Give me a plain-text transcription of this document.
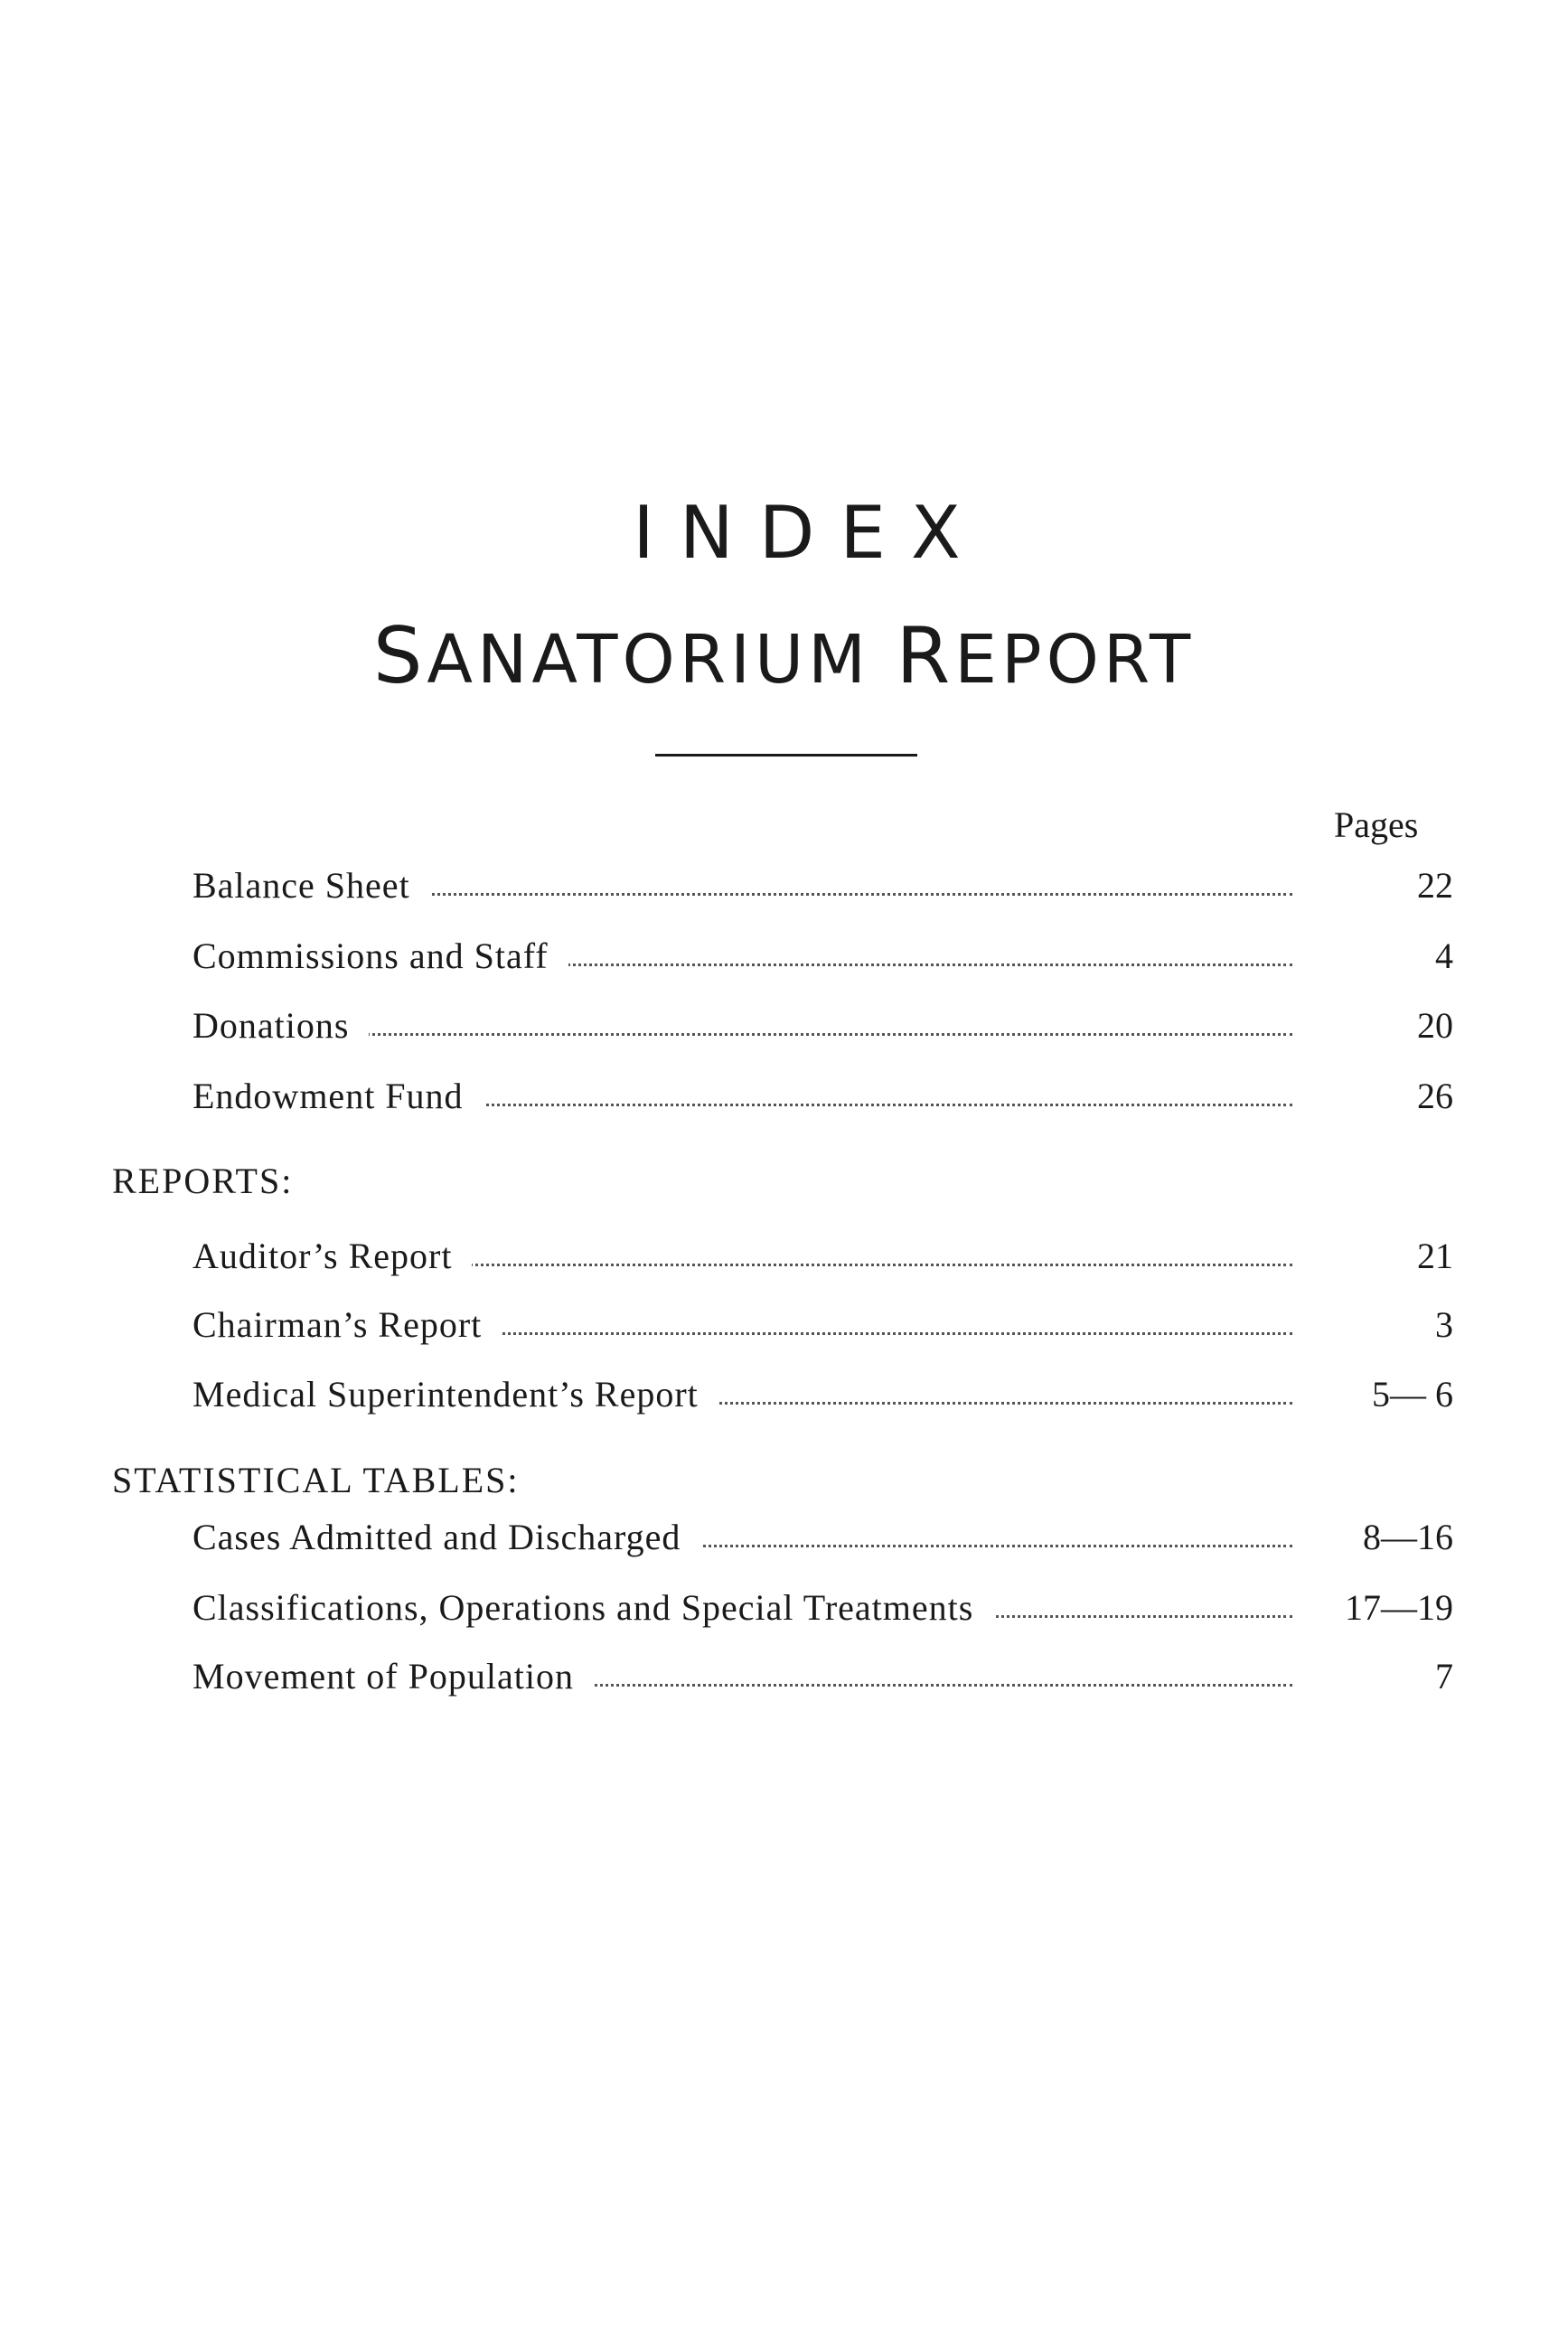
INDEX
SANATORIUM REPORT
Pages
Balance Sheet	22
Commissions and Staff	4
Donations	20
Endowment Fund	26
REPORTS:
Auditor’s Report	21
Chairman’s Report	3
Medical Superintendent’s Report	5— 6
STATISTICAL TABLES:
Cases Admitted and Discharged	8—16
Classifications, Operations and Special Treatments	17—19
Movement of Population	7
